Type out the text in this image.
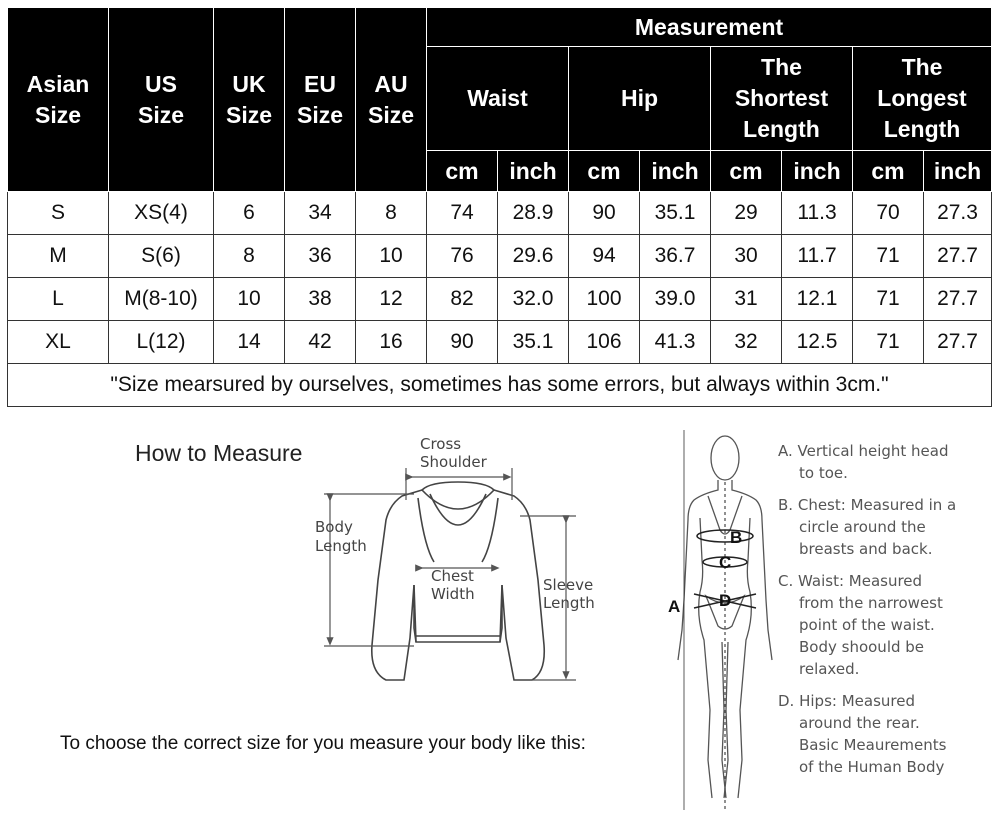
Asian Size	US Size	UK Size	EU Size	AU Size	Measurement							
					Waist		Hip		The Shortest Length		The Longest Length	
					cm	inch	cm	inch	cm	inch	cm	inch
S	XS(4)	6	34	8	74	28.9	90	35.1	29	11.3	70	27.3
M	S(6)	8	36	10	76	29.6	94	36.7	30	11.7	71	27.7
L	M(8-10)	10	38	12	82	32.0	100	39.0	31	12.1	71	27.7
XL	L(12)	14	42	16	90	35.1	106	41.3	32	12.5	71	27.7
"Size mearsured by ourselves, sometimes has some errors, but always within 3cm."												
How to Measure	Cross
Shoulder
Body
Length
Chest
Width	Sleeve
Length
B
C
D
A
To choose the correct size for you measure your body like this:
A. Vertical height head
to toe.
B. Chest: Measured in a
circle around the
breasts and back.
C. Waist: Measured
from the narrowest
point of the waist.
Body shoould be
relaxed.
D. Hips: Measured
around the rear.
Basic Meaurements
of the Human Body
